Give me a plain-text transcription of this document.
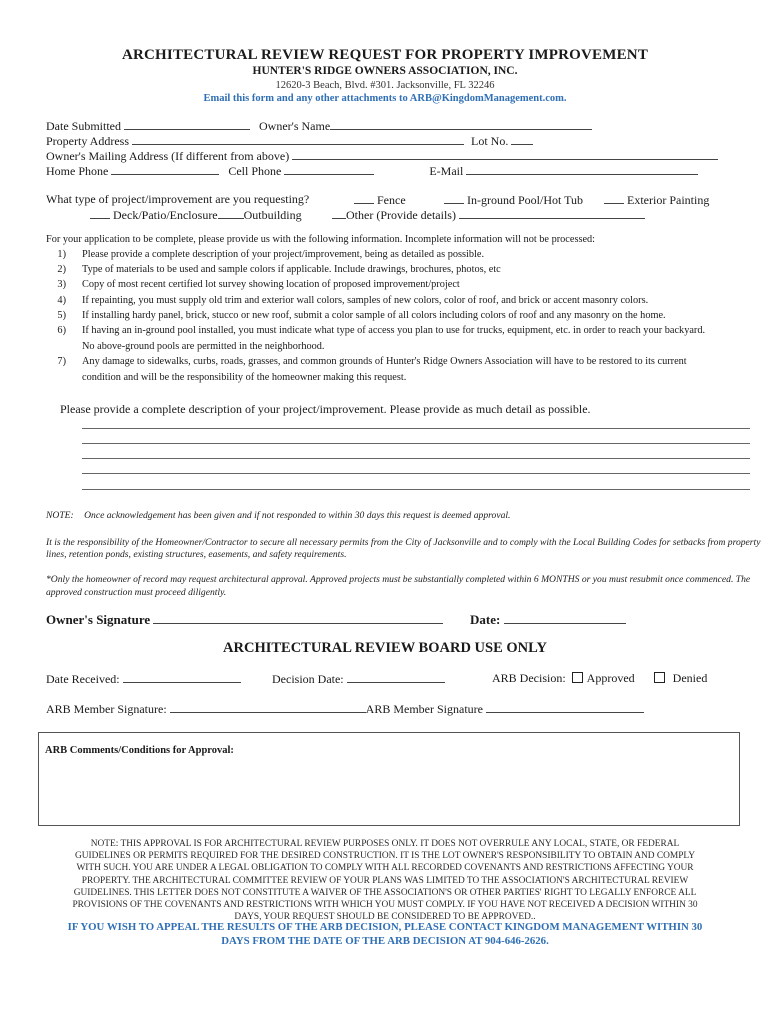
ARCHITECTURAL REVIEW REQUEST FOR PROPERTY IMPROVEMENT
HUNTER'S RIDGE OWNERS ASSOCIATION, INC.
12620-3 Beach, Blvd. #301. Jacksonville, FL 32246
Email this form and any other attachments to ARB@KingdomManagement.com.
Date Submitted	Owner's Name
Property Address	Lot No.
Owner's Mailing Address (If different from above)
Home Phone	Cell Phone	E-Mail
What type of project/improvement are you requesting?	Fence	In-ground Pool/Hot Tub	Exterior Painting
Deck/Patio/Enclosure Outbuilding	Other (Provide details)
For your application to be complete, please provide us with the following information. Incomplete information will not be processed:
1) Please provide a complete description of your project/improvement, being as detailed as possible.
2) Type of materials to be used and sample colors if applicable. Include drawings, brochures, photos, etc
3) Copy of most recent certified lot survey showing location of proposed improvement/project
4) If repainting, you must supply old trim and exterior wall colors, samples of new colors, color of roof, and brick or accent masonry colors.
5) If installing hardy panel, brick, stucco or new roof, submit a color sample of all colors including colors of roof and any masonry on the home.
6) If having an in-ground pool installed, you must indicate what type of access you plan to use for trucks, equipment, etc. in order to reach your backyard.
No above-ground pools are permitted in the neighborhood.
7) Any damage to sidewalks, curbs, roads, grasses, and common grounds of Hunter's Ridge Owners Association will have to be restored to its current
condition and will be the responsibility of the homeowner making this request.
Please provide a complete description of your project/improvement. Please provide as much detail as possible.
NOTE: Once acknowledgement has been given and if not responded to within 30 days this request is deemed approval.
It is the responsibility of the Homeowner/Contractor to secure all necessary permits from the City of Jacksonville and to comply with the Local Building Codes for setbacks from property
lines, retention ponds, existing structures, easements, and safety requirements.
*Only the homeowner of record may request architectural approval. Approved projects must be substantially completed within 6 MONTHS or you must resubmit once commenced. The
approved construction must proceed diligently.
Owner's Signature	Date:
ARCHITECTURAL REVIEW BOARD USE ONLY
Date Received:	Decision Date:	ARB Decision: Approved	Denied
ARB Member Signature:	ARB Member Signature
ARB Comments/Conditions for Approval:
NOTE: THIS APPROVAL IS FOR ARCHITECTURAL REVIEW PURPOSES ONLY. IT DOES NOT OVERRULE ANY LOCAL, STATE, OR FEDERAL
GUIDELINES OR PERMITS REQUIRED FOR THE DESIRED CONSTRUCTION. IT IS THE LOT OWNER'S RESPONSIBILITY TO OBTAIN AND COMPLY
WITH SUCH. YOU ARE UNDER A LEGAL OBLIGATION TO COMPLY WITH ALL RECORDED COVENANTS AND RESTRICTIONS AFFECTING YOUR
PROPERTY. THE ARCHITECTURAL COMMITTEE REVIEW OF YOUR PLANS WAS LIMITED TO THE ASSOCIATION'S ARCHITECTURAL REVIEW
GUIDELINES. THIS LETTER DOES NOT CONSTITUTE A WAIVER OF THE ASSOCIATION'S OR OTHER PARTIES' RIGHT TO LEGALLY ENFORCE ALL
PROVISIONS OF THE COVENANTS AND RESTRICTIONS WITH WHICH YOU MUST COMPLY. IF YOU HAVE NOT RECEIVED A DECISION WITHIN 30
DAYS, YOUR REQUEST SHOULD BE CONSIDERED TO BE APPROVED..
IF YOU WISH TO APPEAL THE RESULTS OF THE ARB DECISION, PLEASE CONTACT KINGDOM MANAGEMENT WITHIN 30
DAYS FROM THE DATE OF THE ARB DECISION AT 904-646-2626.
